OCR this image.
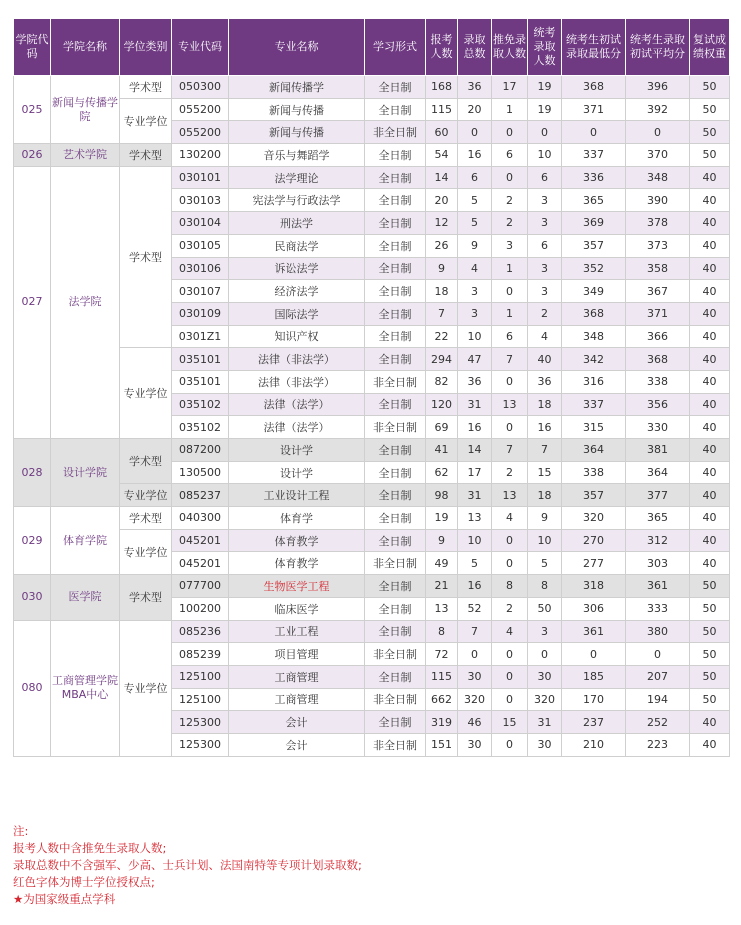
学院代码	学院名称	学位类别	专业代码	专业名称	学习形式	报考人数	录取总数	推免录取人数	统考录取人数	统考生初试录取最低分	统考生录取初试平均分	复试成绩权重
025	新闻与传播学院	学术型	050300	新闻传播学	全日制	168	36	17	19	368	396	50
		专业学位	055200	新闻与传播	全日制	115	20	1	19	371	392	50
			055200	新闻与传播	非全日制	60	0	0	0	0	0	50
026	艺术学院	学术型	130200	音乐与舞蹈学	全日制	54	16	6	10	337	370	50
027	法学院	学术型	030101	法学理论	全日制	14	6	0	6	336	348	40
			030103	宪法学与行政法学	全日制	20	5	2	3	365	390	40
			030104	刑法学	全日制	12	5	2	3	369	378	40
			030105	民商法学	全日制	26	9	3	6	357	373	40
			030106	诉讼法学	全日制	9	4	1	3	352	358	40
			030107	经济法学	全日制	18	3	0	3	349	367	40
			030109	国际法学	全日制	7	3	1	2	368	371	40
			0301Z1	知识产权	全日制	22	10	6	4	348	366	40
		专业学位	035101	法律（非法学）	全日制	294	47	7	40	342	368	40
			035101	法律（非法学）	非全日制	82	36	0	36	316	338	40
			035102	法律（法学）	全日制	120	31	13	18	337	356	40
			035102	法律（法学）	非全日制	69	16	0	16	315	330	40
028	设计学院	学术型	087200	设计学	全日制	41	14	7	7	364	381	40
			130500	设计学	全日制	62	17	2	15	338	364	40
		专业学位	085237	工业设计工程	全日制	98	31	13	18	357	377	40
029	体育学院	学术型	040300	体育学	全日制	19	13	4	9	320	365	40
		专业学位	045201	体育教学	全日制	9	10	0	10	270	312	40
			045201	体育教学	非全日制	49	5	0	5	277	303	40
030	医学院	学术型	077700	生物医学工程	全日制	21	16	8	8	318	361	50
			100200	临床医学	全日制	13	52	2	50	306	333	50
080	工商管理学院 MBA中心	专业学位	085236	工业工程	全日制	8	7	4	3	361	380	50
			085239	项目管理	非全日制	72	0	0	0	0	0	50
			125100	工商管理	全日制	115	30	0	30	185	207	50
			125100	工商管理	非全日制	662	320	0	320	170	194	50
			125300	会计	全日制	319	46	15	31	237	252	40
			125300	会计	非全日制	151	30	0	30	210	223	40
注:
报考人数中含推免生录取人数;
录取总数中不含强军、少高、士兵计划、法国南特等专项计划录取数;
红色字体为博士学位授权点;
★为国家级重点学科
